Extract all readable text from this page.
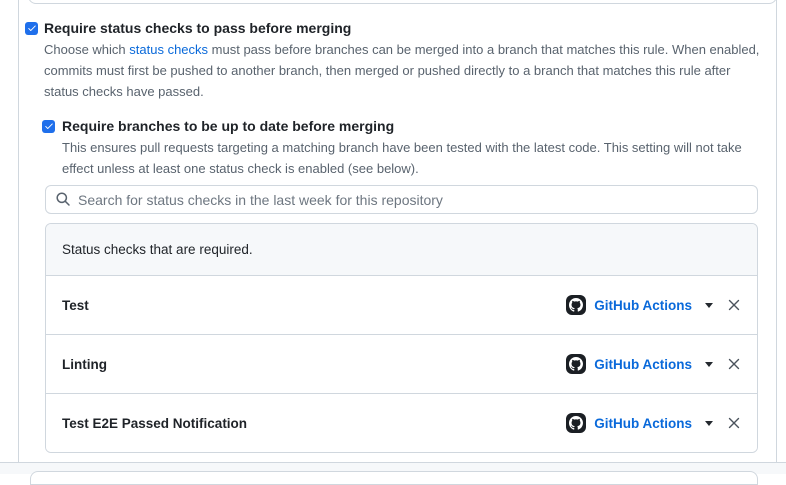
Require status checks to pass before merging
Choose which status checks must pass before branches can be merged into a branch that matches this rule. When enabled,
commits must first be pushed to another branch, then merged or pushed directly to a branch that matches this rule after
status checks have passed.
Require branches to be up to date before merging
This ensures pull requests targeting a matching branch have been tested with the latest code. This setting will not take
effect unless at least one status check is enabled (see below).
Search for status checks in the last week for this repository
Status checks that are required.
Test	GitHub Actions
Linting	GitHub Actions
Test E2E Passed Notification	GitHub Actions
